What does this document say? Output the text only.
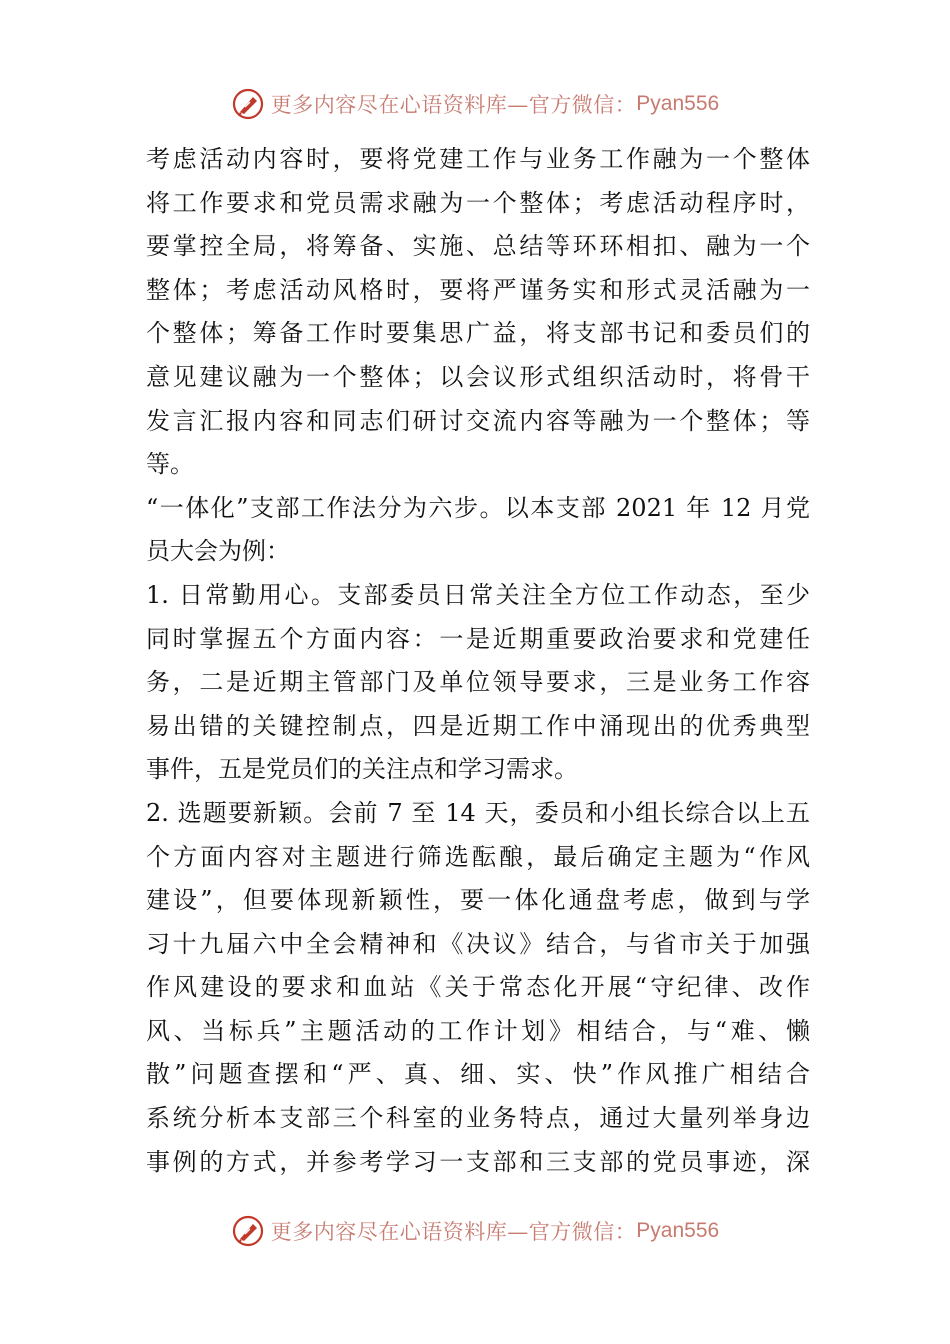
更多内容尽在心语资料库—官方微信： Pyan556
考虑活动内容时，要将党建工作与业务工作融为一个整体
将工作要求和党员需求融为一个整体；考虑活动程序时，
要掌控全局，将筹备、实施、总结等环环相扣、融为一个
整体；考虑活动风格时，要将严谨务实和形式灵活融为一
个整体；筹备工作时要集思广益，将支部书记和委员们的
意见建议融为一个整体；以会议形式组织活动时，将骨干
发言汇报内容和同志们研讨交流内容等融为一个整体；等
等。
“一体化”支部工作法分为六步。以本支部 2021 年 12 月党
员大会为例：
1. 日常勤用心。支部委员日常关注全方位工作动态，至少
同时掌握五个方面内容：一是近期重要政治要求和党建任
务，二是近期主管部门及单位领导要求，三是业务工作容
易出错的关键控制点，四是近期工作中涌现出的优秀典型
事件，五是党员们的关注点和学习需求。
2. 选题要新颖。会前 7 至 14 天，委员和小组长综合以上五
个方面内容对主题进行筛选酝酿，最后确定主题为“作风
建设”，但要体现新颖性，要一体化通盘考虑，做到与学
习十九届六中全会精神和《决议》结合，与省市关于加强
作风建设的要求和血站《关于常态化开展“守纪律、改作
风、当标兵”主题活动的工作计划》相结合，与“难、懒
散”问题查摆和“严、真、细、实、快”作风推广相结合
系统分析本支部三个科室的业务特点，通过大量列举身边
事例的方式，并参考学习一支部和三支部的党员事迹，深
更多内容尽在心语资料库—官方微信： Pyan556
